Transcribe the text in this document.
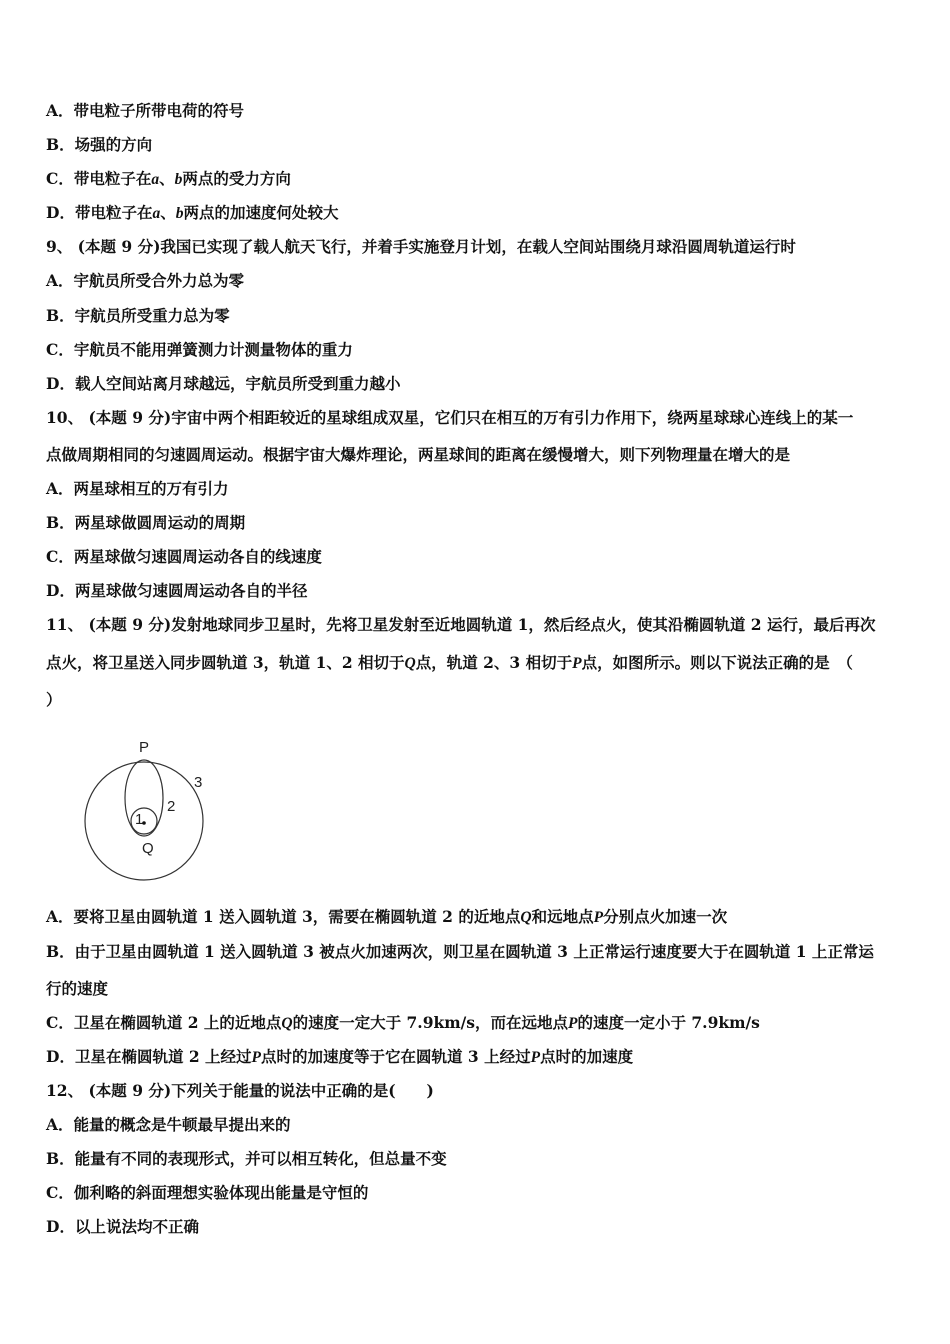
A．带电粒子所带电荷的符号
B．场强的方向
C．带电粒子在a、b两点的受力方向
D．带电粒子在a、b两点的加速度何处较大
9、 (本题 9 分)我国已实现了载人航天飞行，并着手实施登月计划，在载人空间站围绕月球沿圆周轨道运行时
A．宇航员所受合外力总为零
B．宇航员所受重力总为零
C．宇航员不能用弹簧测力计测量物体的重力
D．载人空间站离月球越远，宇航员所受到重力越小
10、 (本题 9 分)宇宙中两个相距较近的星球组成双星，它们只在相互的万有引力作用下，绕两星球球心连线上的某一
点做周期相同的匀速圆周运动。根据宇宙大爆炸理论，两星球间的距离在缓慢增大，则下列物理量在增大的是
A．两星球相互的万有引力
B．两星球做圆周运动的周期
C．两星球做匀速圆周运动各自的线速度
D．两星球做匀速圆周运动各自的半径
11、 (本题 9 分)发射地球同步卫星时，先将卫星发射至近地圆轨道 1，然后经点火，使其沿椭圆轨道 2 运行，最后再次
点火，将卫星送入同步圆轨道 3，轨道 1、2 相切于Q点，轨道 2、3 相切于P点，如图所示。则以下说法正确的是　（
）
P
3
2
1
Q
A．要将卫星由圆轨道 1 送入圆轨道 3，需要在椭圆轨道 2 的近地点Q和远地点P分别点火加速一次
B．由于卫星由圆轨道 1 送入圆轨道 3 被点火加速两次，则卫星在圆轨道 3 上正常运行速度要大于在圆轨道 1 上正常运
行的速度
C．卫星在椭圆轨道 2 上的近地点Q的速度一定大于 7.9km/s，而在远地点P的速度一定小于 7.9km/s
D．卫星在椭圆轨道 2 上经过P点时的加速度等于它在圆轨道 3 上经过P点时的加速度
12、 (本题 9 分)下列关于能量的说法中正确的是(　　)
A．能量的概念是牛顿最早提出来的
B．能量有不同的表现形式，并可以相互转化，但总量不变
C．伽利略的斜面理想实验体现出能量是守恒的
D．以上说法均不正确
